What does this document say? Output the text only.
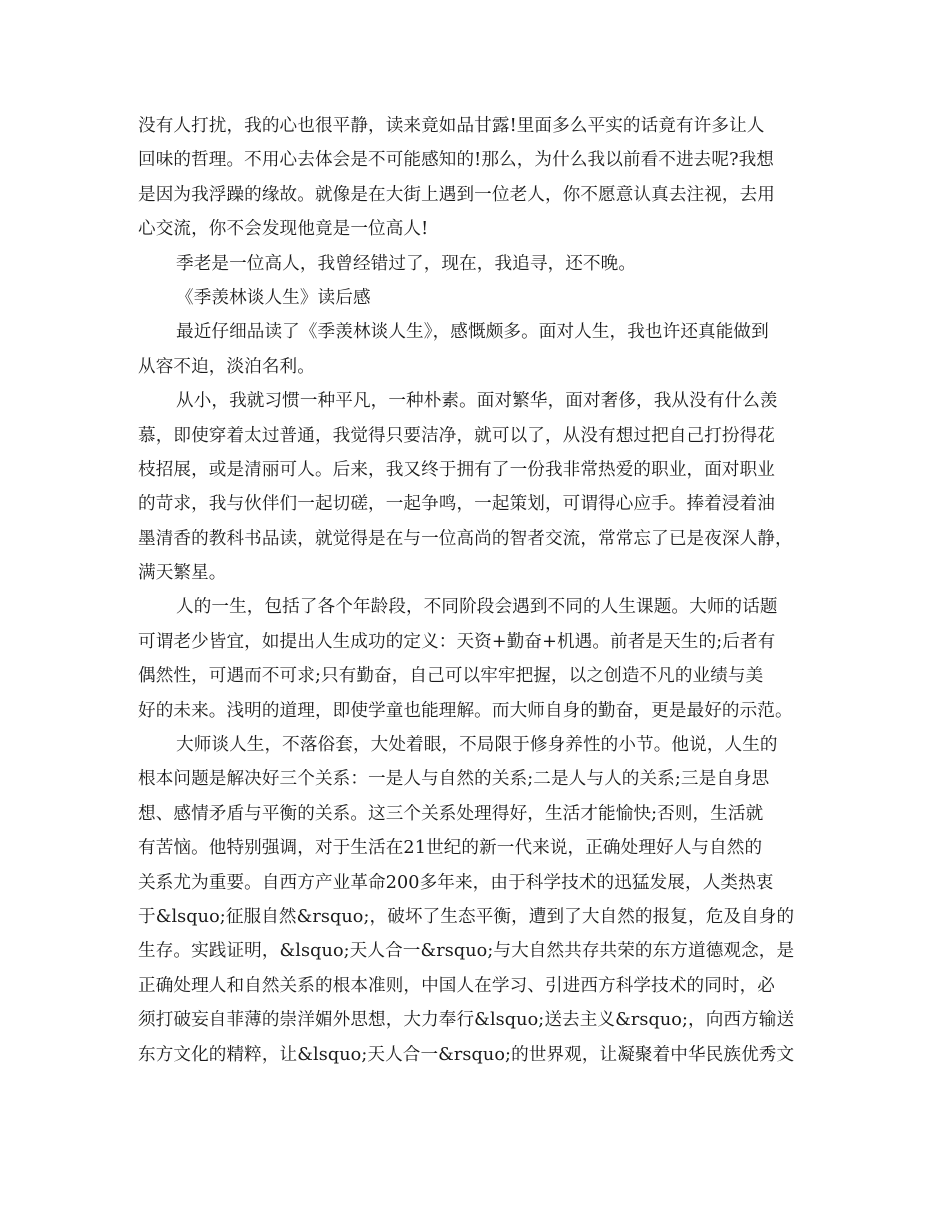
没有人打扰，我的心也很平静，读来竟如品甘露!里面多么平实的话竟有许多让人
回味的哲理。不用心去体会是不可能感知的!那么，为什么我以前看不进去呢?我想
是因为我浮躁的缘故。就像是在大街上遇到一位老人，你不愿意认真去注视，去用
心交流，你不会发现他竟是一位高人!
季老是一位高人，我曾经错过了，现在，我追寻，还不晚。
《季羡林谈人生》读后感
最近仔细品读了《季羡林谈人生》，感慨颇多。面对人生，我也许还真能做到
从容不迫，淡泊名利。
从小，我就习惯一种平凡，一种朴素。面对繁华，面对奢侈，我从没有什么羡
慕，即使穿着太过普通，我觉得只要洁净，就可以了，从没有想过把自己打扮得花
枝招展，或是清丽可人。后来，我又终于拥有了一份我非常热爱的职业，面对职业
的苛求，我与伙伴们一起切磋，一起争鸣，一起策划，可谓得心应手。捧着浸着油
墨清香的教科书品读，就觉得是在与一位高尚的智者交流，常常忘了已是夜深人静，
满天繁星。
人的一生，包括了各个年龄段，不同阶段会遇到不同的人生课题。大师的话题
可谓老少皆宜，如提出人生成功的定义：天资+勤奋+机遇。前者是天生的;后者有
偶然性，可遇而不可求;只有勤奋，自己可以牢牢把握，以之创造不凡的业绩与美
好的未来。浅明的道理，即使学童也能理解。而大师自身的勤奋，更是最好的示范。
大师谈人生，不落俗套，大处着眼，不局限于修身养性的小节。他说，人生的
根本问题是解决好三个关系：一是人与自然的关系;二是人与人的关系;三是自身思
想、感情矛盾与平衡的关系。这三个关系处理得好，生活才能愉快;否则，生活就
有苦恼。他特别强调，对于生活在21世纪的新一代来说，正确处理好人与自然的
关系尤为重要。自西方产业革命200多年来，由于科学技术的迅猛发展，人类热衷
于&lsquo;征服自然&rsquo;，破坏了生态平衡，遭到了大自然的报复，危及自身的
生存。实践证明，&lsquo;天人合一&rsquo;与大自然共存共荣的东方道德观念，是
正确处理人和自然关系的根本准则，中国人在学习、引进西方科学技术的同时，必
须打破妄自菲薄的崇洋媚外思想，大力奉行&lsquo;送去主义&rsquo;，向西方输送
东方文化的精粹，让&lsquo;天人合一&rsquo;的世界观，让凝聚着中华民族优秀文
